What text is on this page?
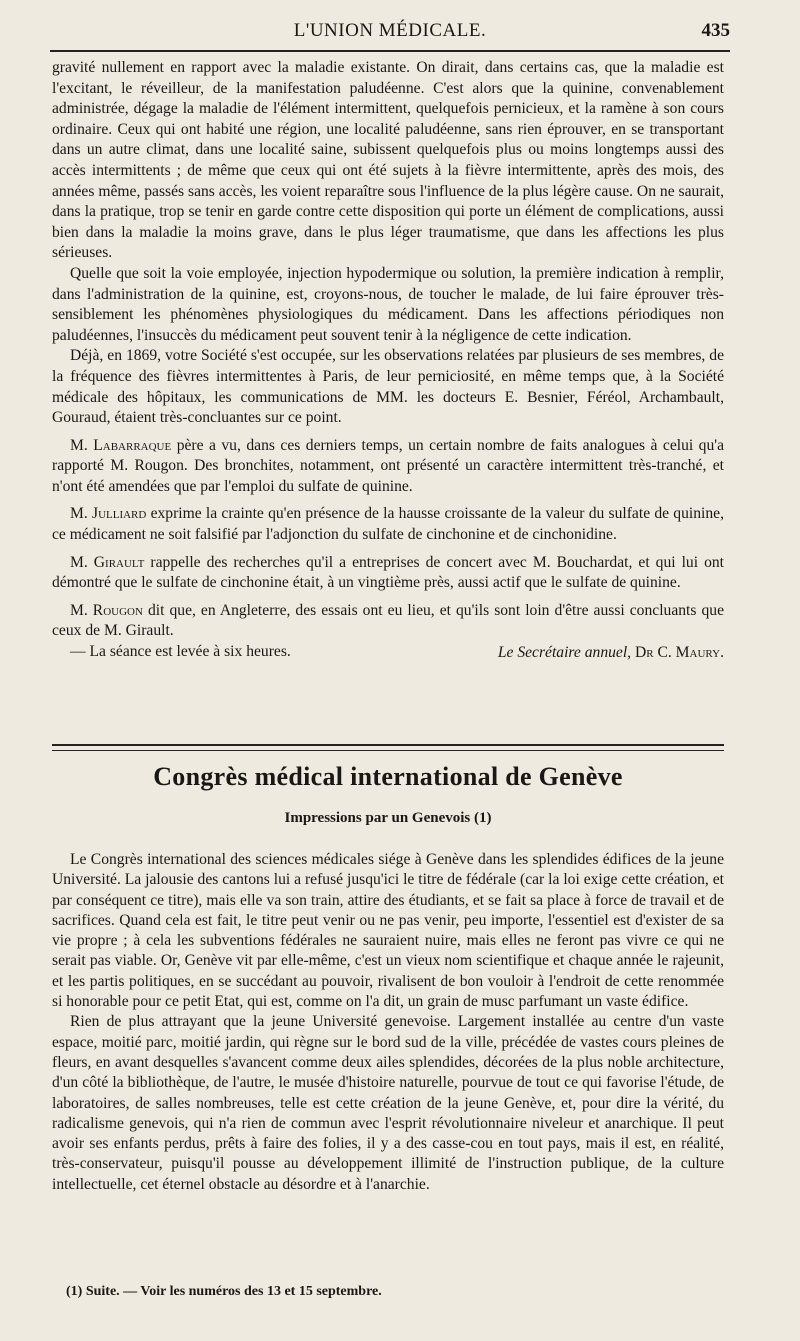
L'UNION MÉDICALE.	435

gravité nullement en rapport avec la maladie existante. On dirait, dans certains cas, que la maladie est l'excitant, le réveilleur, de la manifestation paludéenne. C'est alors que la quinine, convenablement administrée, dégage la maladie de l'élément intermittent, quelquefois pernicieux, et la ramène à son cours ordinaire. Ceux qui ont habité une région, une localité paludéenne, sans rien éprouver, en se transportant dans un autre climat, dans une localité saine, subissent quelquefois plus ou moins longtemps aussi des accès intermittents ; de même que ceux qui ont été sujets à la fièvre intermittente, après des mois, des années même, passés sans accès, les voient reparaître sous l'influence de la plus légère cause. On ne saurait, dans la pratique, trop se tenir en garde contre cette disposition qui porte un élément de complications, aussi bien dans la maladie la moins grave, dans le plus léger traumatisme, que dans les affections les plus sérieuses.

Quelle que soit la voie employée, injection hypodermique ou solution, la première indication à remplir, dans l'administration de la quinine, est, croyons-nous, de toucher le malade, de lui faire éprouver très-sensiblement les phénomènes physiologiques du médicament. Dans les affections périodiques non paludéennes, l'insuccès du médicament peut souvent tenir à la négligence de cette indication.

Déjà, en 1869, votre Société s'est occupée, sur les observations relatées par plusieurs de ses membres, de la fréquence des fièvres intermittentes à Paris, de leur perniciosité, en même temps que, à la Société médicale des hôpitaux, les communications de MM. les docteurs E. Besnier, Féréol, Archambault, Gouraud, étaient très-concluantes sur ce point.

M. Labarraque père a vu, dans ces derniers temps, un certain nombre de faits analogues à celui qu'a rapporté M. Rougon. Des bronchites, notamment, ont présenté un caractère intermittent très-tranché, et n'ont été amendées que par l'emploi du sulfate de quinine.

M. Julliard exprime la crainte qu'en présence de la hausse croissante de la valeur du sulfate de quinine, ce médicament ne soit falsifié par l'adjonction du sulfate de cinchonine et de cinchonidine.

M. Girault rappelle des recherches qu'il a entreprises de concert avec M. Bouchardat, et qui lui ont démontré que le sulfate de cinchonine était, à un vingtième près, aussi actif que le sulfate de quinine.

M. Rougon dit que, en Angleterre, des essais ont eu lieu, et qu'ils sont loin d'être aussi concluants que ceux de M. Girault.

— La séance est levée à six heures.	Le Secrétaire annuel, Dr C. Maury.
Congrès médical international de Genève
Impressions par un Genevois (1)

Le Congrès international des sciences médicales siége à Genève dans les splendides édifices de la jeune Université. La jalousie des cantons lui a refusé jusqu'ici le titre de fédérale (car la loi exige cette création, et par conséquent ce titre), mais elle va son train, attire des étudiants, et se fait sa place à force de travail et de sacrifices. Quand cela est fait, le titre peut venir ou ne pas venir, peu importe, l'essentiel est d'exister de sa vie propre ; à cela les subventions fédérales ne sauraient nuire, mais elles ne feront pas vivre ce qui ne serait pas viable. Or, Genève vit par elle-même, c'est un vieux nom scientifique et chaque année le rajeunit, et les partis politiques, en se succédant au pouvoir, rivalisent de bon vouloir à l'endroit de cette renommée si honorable pour ce petit Etat, qui est, comme on l'a dit, un grain de musc parfumant un vaste édifice.

Rien de plus attrayant que la jeune Université genevoise. Largement installée au centre d'un vaste espace, moitié parc, moitié jardin, qui règne sur le bord sud de la ville, précédée de vastes cours pleines de fleurs, en avant desquelles s'avancent comme deux ailes splendides, décorées de la plus noble architecture, d'un côté la bibliothèque, de l'autre, le musée d'histoire naturelle, pourvue de tout ce qui favorise l'étude, de laboratoires, de salles nombreuses, telle est cette création de la jeune Genève, et, pour dire la vérité, du radicalisme genevois, qui n'a rien de commun avec l'esprit révolutionnaire niveleur et anarchique. Il peut avoir ses enfants perdus, prêts à faire des folies, il y a des casse-cou en tout pays, mais il est, en réalité, très-conservateur, puisqu'il pousse au développement illimité de l'instruction publique, de la culture intellectuelle, cet éternel obstacle au désordre et à l'anarchie.

(1) Suite. — Voir les numéros des 13 et 15 septembre.
